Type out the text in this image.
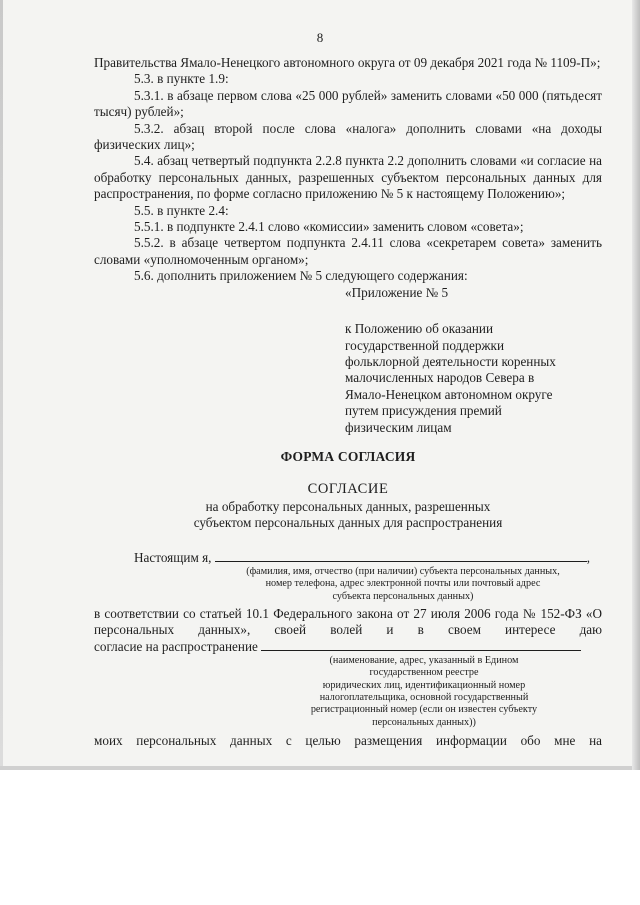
8

Правительства Ямало-Ненецкого автономного округа от 09 декабря 2021 года № 1109-П»;

5.3. в пункте 1.9:

5.3.1. в абзаце первом слова «25 000 рублей» заменить словами «50 000 (пятьдесят тысяч) рублей»;

5.3.2. абзац второй после слова «налога» дополнить словами «на доходы физических лиц»;

5.4. абзац четвертый подпункта 2.2.8 пункта 2.2 дополнить словами «и согласие на обработку персональных данных, разрешенных субъектом персональных данных для распространения, по форме согласно приложению № 5 к настоящему Положению»;

5.5. в пункте 2.4:

5.5.1. в подпункте 2.4.1 слово «комиссии» заменить словом «совета»;

5.5.2. в абзаце четвертом подпункта 2.4.11 слова «секретарем совета» заменить словами «уполномоченным органом»;

5.6. дополнить приложением № 5 следующего содержания:

«Приложение № 5

к Положению об оказании

государственной поддержки

фольклорной деятельности коренных

малочисленных народов Севера в

Ямало-Ненецком автономном округе

путем присуждения премий

физическим лицам

ФОРМА СОГЛАСИЯ
СОГЛАСИЕ
на обработку персональных данных, разрешенных
субъектом персональных данных для распространения
Настоящим я,	,
(фамилия, имя, отчество (при наличии) субъекта персональных данных,
номер телефона, адрес электронной почты или почтовый адрес
субъекта персональных данных)

в соответствии со статьей 10.1 Федерального закона от 27 июля 2006 года № 152-ФЗ «О персональных данных», своей волей и в своем интересе даю

согласие на распространение
(наименование, адрес, указанный в Едином
государственном реестре
юридических лиц, идентификационный номер
налогоплательщика, основной государственный
регистрационный номер (если он известен субъекту
персональных данных))

моих персональных данных с целью размещения информации обо мне на
